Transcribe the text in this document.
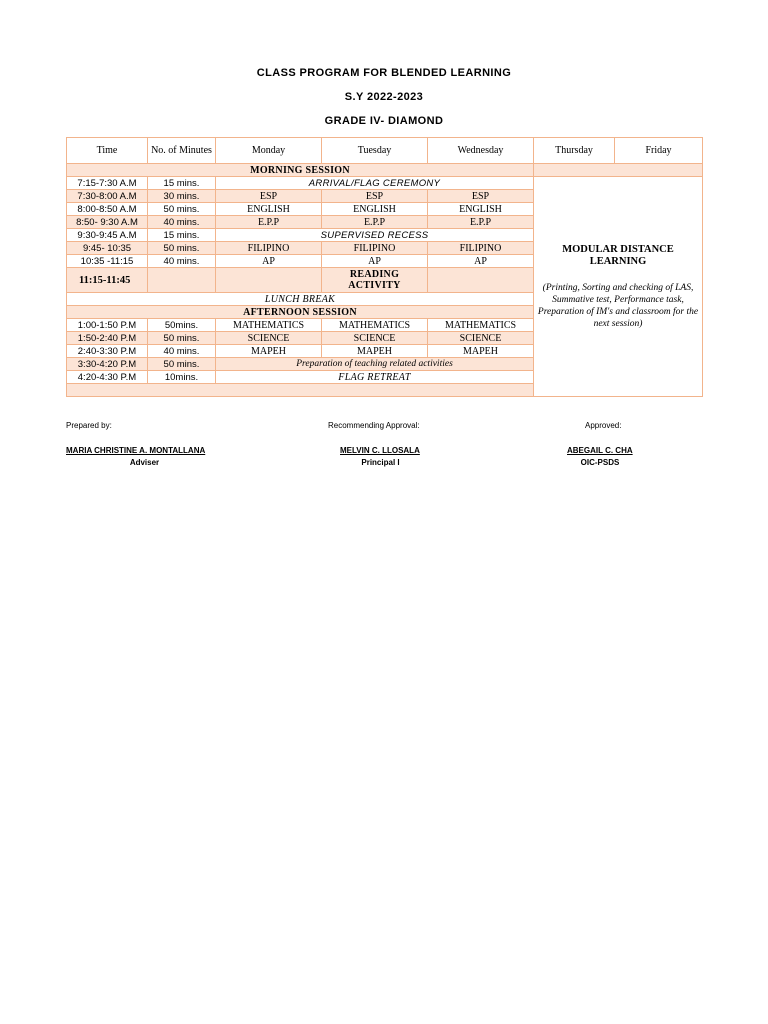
CLASS PROGRAM FOR BLENDED LEARNING
S.Y 2022-2023
GRADE IV- DIAMOND
Time	No. of Minutes	Monday	Tuesday	Wednesday	Thursday	Friday
MORNING SESSION						
7:15-7:30 A.M	15 mins.	ARRIVAL/FLAG CEREMONY			MODULAR DISTANCE LEARNING
(Printing, Sorting and checking of LAS, Summative test, Performance task, Preparation of IM's and classroom for the next session)	

7:30-8:00 A.M	30 mins.	ESP	ESP	ESP		
8:00-8:50 A.M	50 mins.	ENGLISH	ENGLISH	ENGLISH		
8:50- 9:30 A.M	40 mins.	E.P.P	E.P.P	E.P.P		
9:30-9:45 A.M	15 mins.	SUPERVISED RECESS				
9:45- 10:35	50 mins.	FILIPINO	FILIPINO	FILIPINO		
10:35 -11:15	40 mins.	AP	AP	AP		
11:15-11:45			READING ACTIVITY			
LUNCH BREAK						
AFTERNOON SESSION						
1:00-1:50 P.M	50mins.	MATHEMATICS	MATHEMATICS	MATHEMATICS		
1:50-2:40 P.M	50 mins.	SCIENCE	SCIENCE	SCIENCE		
2:40-3:30 P.M	40 mins.	MAPEH	MAPEH	MAPEH		
3:30-4:20 P.M	50 mins.	Preparation of teaching related activities				
4:20-4:30 P.M	10mins.	FLAG RETREAT				

Prepared by:	Recommending Approval:	Approved:
MARIA CHRISTINE A. MONTALLANA	MELVIN C. LLOSALA	ABEGAIL C. CHA
Adviser	Principal I	OIC-PSDS
